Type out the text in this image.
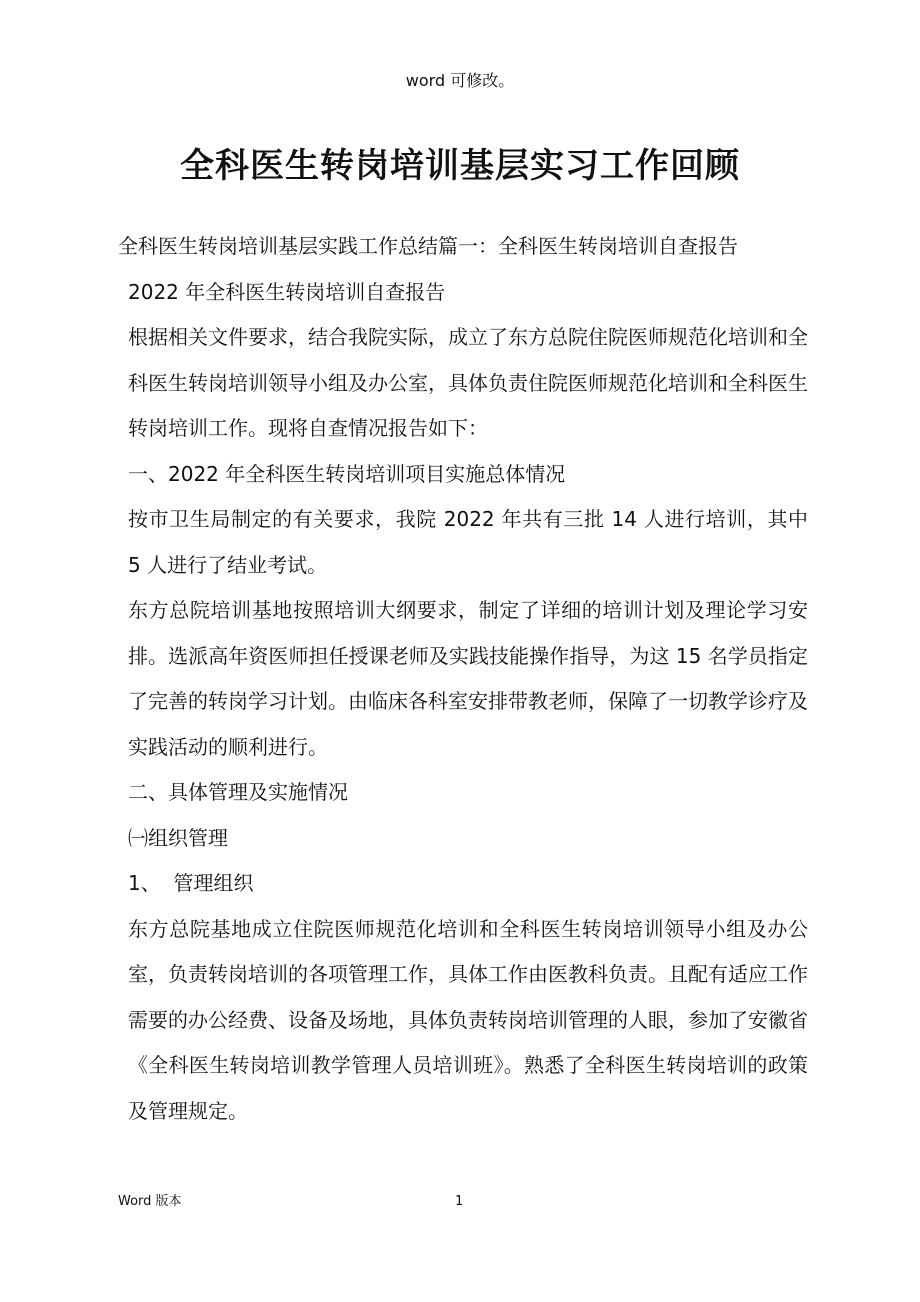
word 可修改。
全科医生转岗培训基层实习工作回顾

全科医生转岗培训基层实践工作总结篇一：全科医生转岗培训自查报告

2022 年全科医生转岗培训自查报告

根据相关文件要求，结合我院实际，成立了东方总院住院医师规范化培训和全科医生转岗培训领导小组及办公室，具体负责住院医师规范化培训和全科医生转岗培训工作。现将自查情况报告如下：

一、2022 年全科医生转岗培训项目实施总体情况

按市卫生局制定的有关要求，我院 2022 年共有三批 14 人进行培训，其中 5 人进行了结业考试。

东方总院培训基地按照培训大纲要求，制定了详细的培训计划及理论学习安排。选派高年资医师担任授课老师及实践技能操作指导，为这 15 名学员指定了完善的转岗学习计划。由临床各科室安排带教老师，保障了一切教学诊疗及实践活动的顺利进行。

二、具体管理及实施情况

㈠组织管理

1、  管理组织

东方总院基地成立住院医师规范化培训和全科医生转岗培训领导小组及办公室，负责转岗培训的各项管理工作，具体工作由医教科负责。且配有适应工作需要的办公经费、设备及场地，具体负责转岗培训管理的人眼，参加了安徽省《全科医生转岗培训教学管理人员培训班》。熟悉了全科医生转岗培训的政策及管理规定。

Word 版本	1
